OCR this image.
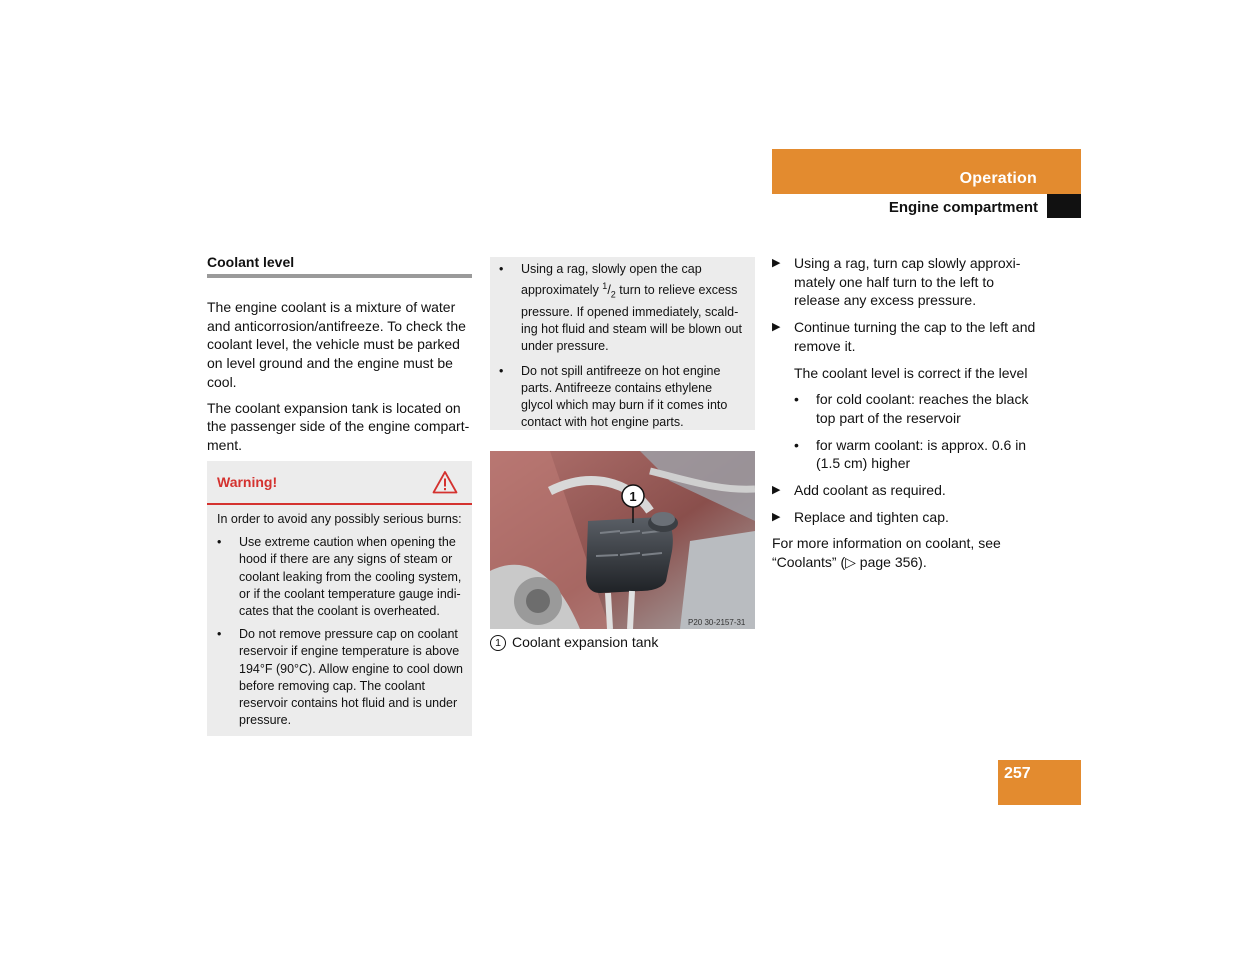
Operation
Engine compartment
Coolant level

The engine coolant is a mixture of water and anticorrosion/antifreeze. To check the coolant level, the vehicle must be parked on level ground and the engine must be cool.

The coolant expansion tank is located on the passenger side of the engine compart-ment.

Warning!
In order to avoid any possibly serious burns:
• Use extreme caution when opening the hood if there are any signs of steam or coolant leaking from the cooling system, or if the coolant temperature gauge indi-cates that the coolant is overheated.
• Do not remove pressure cap on coolant reservoir if engine temperature is above 194°F (90°C). Allow engine to cool down before removing cap. The coolant reservoir contains hot fluid and is under pressure.
• Using a rag, slowly open the cap approximately $^1/_2$ turn to relieve excess pressure. If opened immediately, scald-ing hot fluid and steam will be blown out under pressure.
• Do not spill antifreeze on hot engine parts. Antifreeze contains ethylene glycol which may burn if it comes into contact with hot engine parts.
1
P20 30-2157-31
1 Coolant expansion tank
▶ Using a rag, turn cap slowly approxi-mately one half turn to the left to release any excess pressure.
▶ Continue turning the cap to the left and remove it.
The coolant level is correct if the level
• for cold coolant: reaches the black top part of the reservoir
• for warm coolant: is approx. 0.6 in (1.5 cm) higher
▶ Add coolant as required.
▶ Replace and tighten cap.
For more information on coolant, see “Coolants” (▷ page 356).
257
